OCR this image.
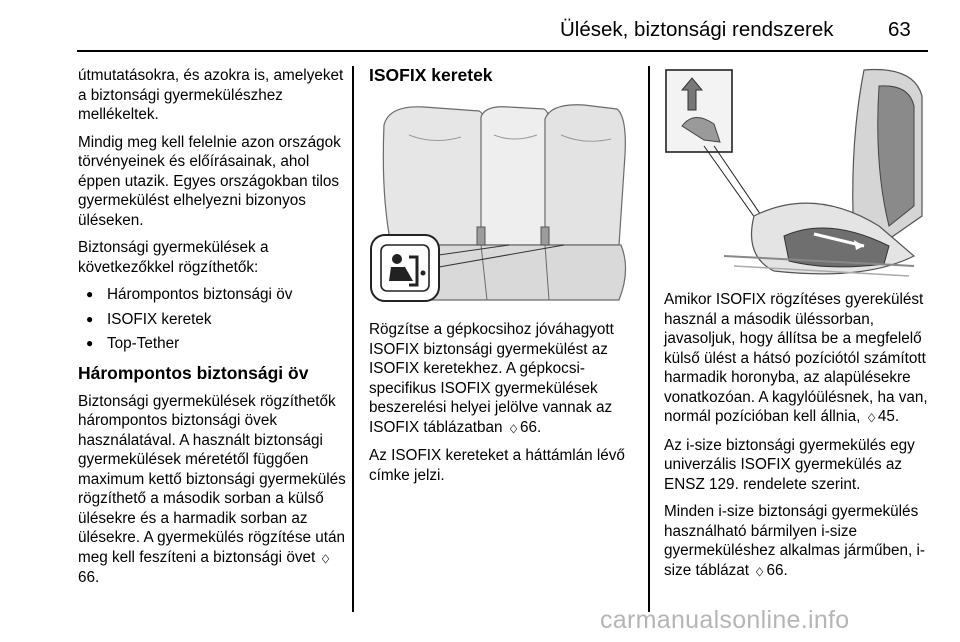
Ülések, biztonsági rendszerek	63

útmutatásokra, és azokra is, amelyeket a biztonsági gyermekülészhez mellékeltek.

Mindig meg kell felelnie azon országok törvényeinek és előírásainak, ahol éppen utazik. Egyes országokban tilos gyermekülést elhelyezni bizonyos üléseken.

Biztonsági gyermekülések a következőkkel rögzíthetők:

● Hárompontos biztonsági öv
● ISOFIX keretek
● Top-Tether
Hárompontos biztonsági öv

Biztonsági gyermekülések rögzíthetők hárompontos biztonsági övek használatával. A használt biztonsági gyermekülések méretétől függően maximum kettő biztonsági gyermekülés rögzíthető a második sorban a külső ülésekre és a harmadik sorban az ülésekre. A gyermekülés rögzítése után meg kell feszíteni a biztonsági övet ◇66.

ISOFIX keretek

Rögzítse a gépkocsihoz jóváhagyott ISOFIX biztonsági gyermekülést az ISOFIX keretekhez. A gépkocsi-specifikus ISOFIX gyermekülések beszerelési helyei jelölve vannak az ISOFIX táblázatban ◇ 66.

Az ISOFIX kereteket a háttámlán lévő címke jelzi.

Amikor ISOFIX rögzítéses gyerekülést használ a második üléssorban, javasoljuk, hogy állítsa be a megfelelő külső ülést a hátsó pozíciótól számított harmadik horonyba, az alapülésekre vonatkozóan. A kagylóülésnek, ha van, normál pozícióban kell állnia, ◇ 45.

Az i-size biztonsági gyermekülés egy univerzális ISOFIX gyermekülés az ENSZ 129. rendelete szerint.

Minden i-size biztonsági gyermekülés használható bármilyen i-size gyermeküléshez alkalmas járműben, i-size táblázat ◇ 66.

carmanualsonline.info
